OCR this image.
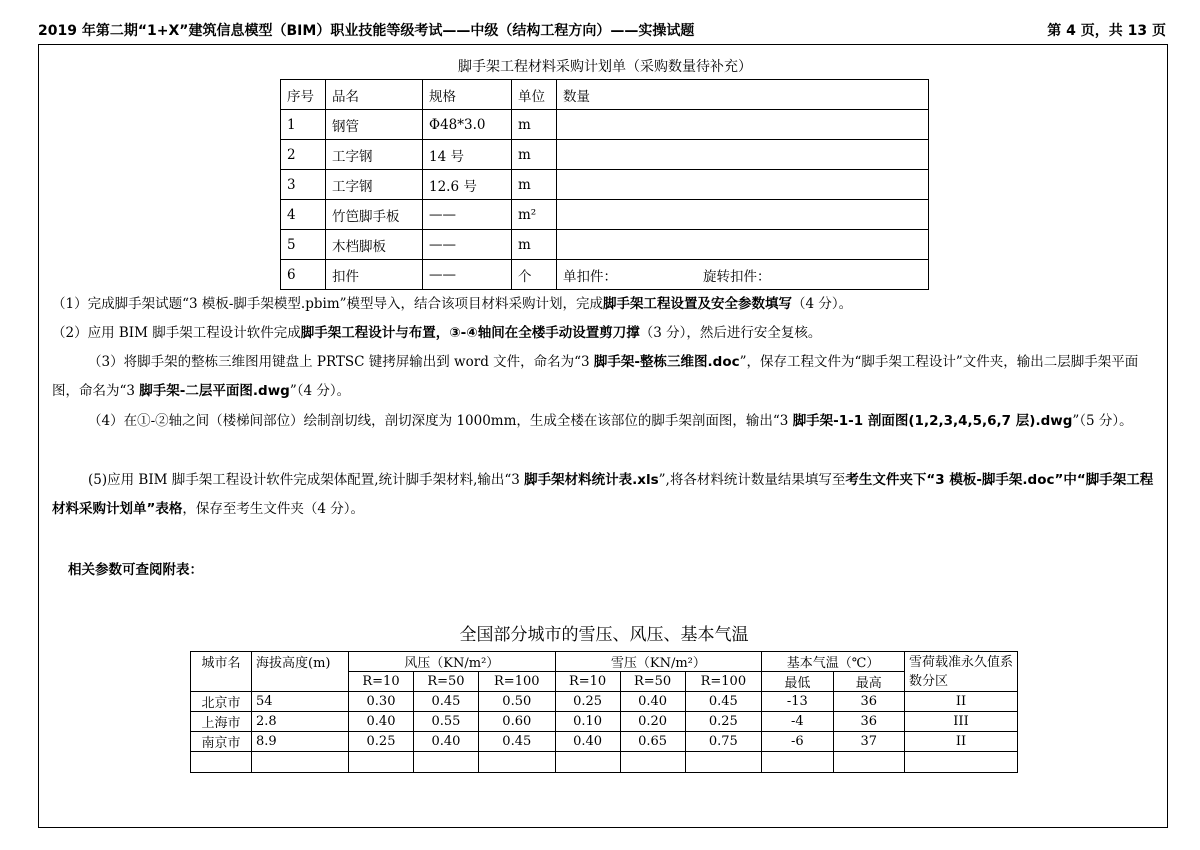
2019 年第二期“1+X”建筑信息模型（BIM）职业技能等级考试——中级（结构工程方向）——实操试题	第 4 页，共 13 页
脚手架工程材料采购计划单（采购数量待补充）
序号	品名	规格	单位	数量
1	钢管	Φ48*3.0	m	
2	工字钢	14 号	m	
3	工字钢	12.6 号	m	
4	竹笆脚手板	——	m²	
5	木档脚板	——	m	
6	扣件	——	个	单扣件： 旋转扣件：
（1）完成脚手架试题“3 模板-脚手架模型.pbim”模型导入，结合该项目材料采购计划，完成脚手架工程设置及安全参数填写（4 分）。
（2）应用 BIM 脚手架工程设计软件完成脚手架工程设计与布置，③-④轴间在全楼手动设置剪刀撑（3 分），然后进行安全复核。
（3）将脚手架的整栋三维图用键盘上 PRTSC 键拷屏输出到 word 文件，命名为“3 脚手架-整栋三维图.doc”，保存工程文件为“脚手架工程设计”文件夹，输出二层脚手架平面图，命名为“3 脚手架-二层平面图.dwg”（4 分）。
（4）在①-②轴之间（楼梯间部位）绘制剖切线，剖切深度为 1000mm，生成全楼在该部位的脚手架剖面图，输出“3 脚手架-1-1 剖面图(1,2,3,4,5,6,7 层).dwg”（5 分）。
(5)应用 BIM 脚手架工程设计软件完成架体配置,统计脚手架材料,输出“3 脚手架材料统计表.xls”,将各材料统计数量结果填写至考生文件夹下“3 模板-脚手架.doc”中“脚手架工程材料采购计划单”表格，保存至考生文件夹（4 分）。
相关参数可查阅附表：
全国部分城市的雪压、风压、基本气温
城市名	海拔高度(m)	风压（KN/m²）			雪压（KN/m²）			基本气温（℃）		雪荷载准永久值系数分区
		R=10	R=50	R=100	R=10	R=50	R=100	最低	最高	
北京市	54	0.30	0.45	0.50	0.25	0.40	0.45	-13	36	II
上海市	2.8	0.40	0.55	0.60	0.10	0.20	0.25	-4	36	III
南京市	8.9	0.25	0.40	0.45	0.40	0.65	0.75	-6	37	II
